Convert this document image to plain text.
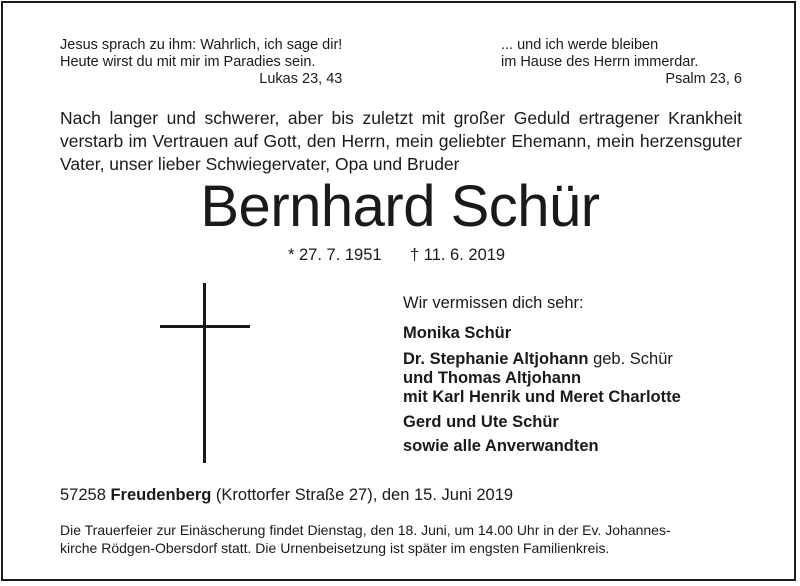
Jesus sprach zu ihm: Wahrlich, ich sage dir!
Heute wirst du mit mir im Paradies sein.
Lukas 23, 43
... und ich werde bleiben
im Hause des Herrn immerdar.
Psalm 23, 6
Nach langer und schwerer, aber bis zuletzt mit großer Geduld ertragener Krankheit
verstarb im Vertrauen auf Gott, den Herrn, mein geliebter Ehemann, mein herzensguter
Vater, unser lieber Schwiegervater, Opa und Bruder
Bernhard Schür
* 27. 7. 1951 † 11. 6. 2019
Wir vermissen dich sehr:
Monika Schür
Dr. Stephanie Altjohann geb. Schür
und Thomas Altjohann
mit Karl Henrik und Meret Charlotte
Gerd und Ute Schür
sowie alle Anverwandten
57258 Freudenberg (Krottorfer Straße 27), den 15. Juni 2019
Die Trauerfeier zur Einäscherung findet Dienstag, den 18. Juni, um 14.00 Uhr in der Ev. Johannes-
kirche Rödgen-Obersdorf statt. Die Urnenbeisetzung ist später im engsten Familienkreis.
